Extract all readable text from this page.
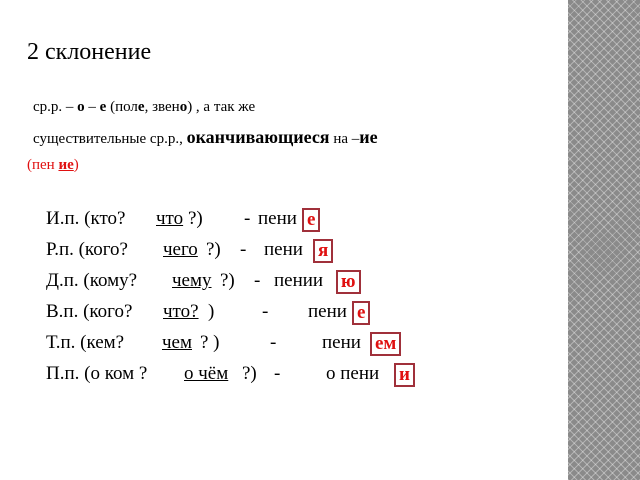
2 склонение
ср.р. – о – е (поле, звено) , а так же
существительные ср.р., оканчивающиеся на –ие
(пен ие)
И.п. (кто? что ?) - пени е
Р.п. (кого? чего ?) - пени я
Д.п. (кому? чему ?) - пении ю
В.п. (кого? что? )	- пени е
Т.п. (кем? чем ? )	- пени ем
П.п. (о ком ? о чём ?) - о пени и
